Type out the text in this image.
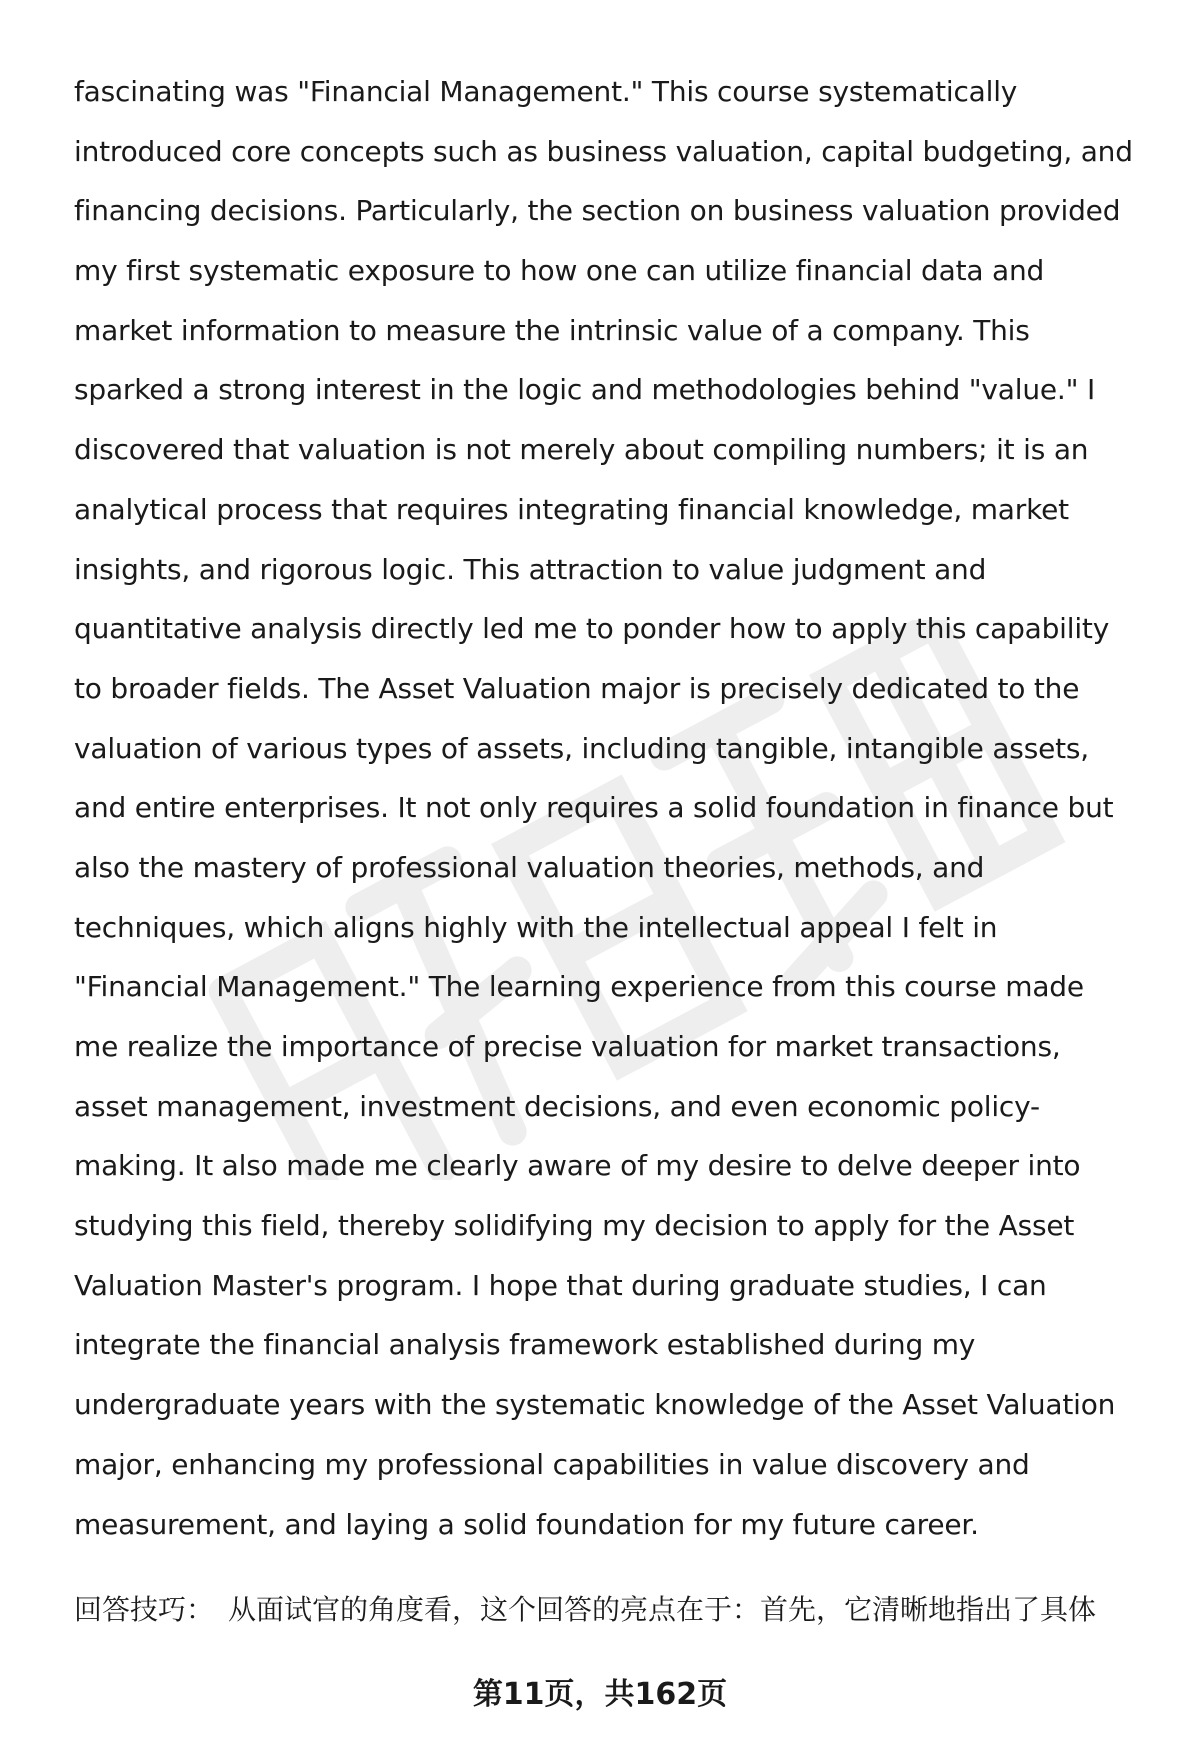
fascinating was "Financial Management." This course systematically
introduced core concepts such as business valuation, capital budgeting, and
financing decisions. Particularly, the section on business valuation provided
my first systematic exposure to how one can utilize financial data and
market information to measure the intrinsic value of a company. This
sparked a strong interest in the logic and methodologies behind "value." I
discovered that valuation is not merely about compiling numbers; it is an
analytical process that requires integrating financial knowledge, market
insights, and rigorous logic. This attraction to value judgment and
quantitative analysis directly led me to ponder how to apply this capability
to broader fields. The Asset Valuation major is precisely dedicated to the
valuation of various types of assets, including tangible, intangible assets,
and entire enterprises. It not only requires a solid foundation in finance but
also the mastery of professional valuation theories, methods, and
techniques, which aligns highly with the intellectual appeal I felt in
"Financial Management." The learning experience from this course made
me realize the importance of precise valuation for market transactions,
asset management, investment decisions, and even economic policy-
making. It also made me clearly aware of my desire to delve deeper into
studying this field, thereby solidifying my decision to apply for the Asset
Valuation Master's program. I hope that during graduate studies, I can
integrate the financial analysis framework established during my
undergraduate years with the systematic knowledge of the Asset Valuation
major, enhancing my professional capabilities in value discovery and
measurement, and laying a solid foundation for my future career.
回答技巧： 从面试官的角度看，这个回答的亮点在于：首先，它清晰地指出了具体
第11页，共162页
